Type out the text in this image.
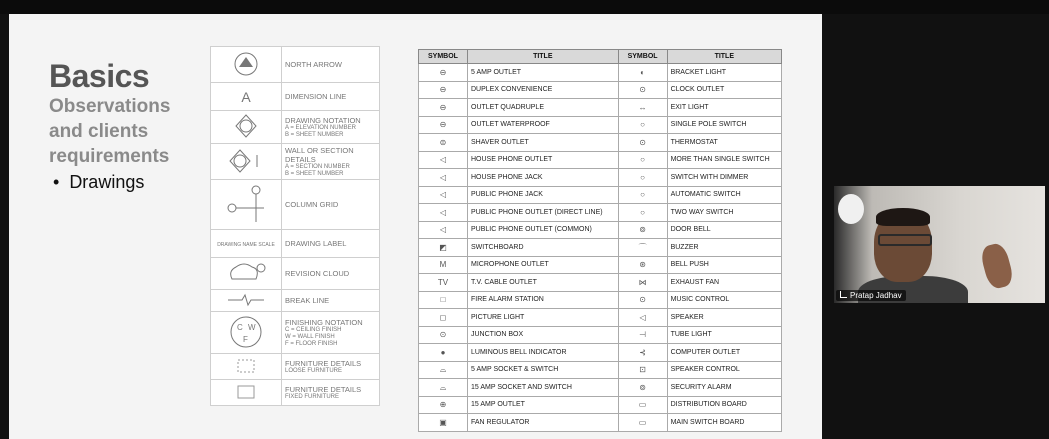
Basics
Observations and clients requirements
• Drawings
	NORTH ARROW
A	DIMENSION LINE
	DRAWING NOTATION
A = ELEVATION NUMBER
B = SHEET NUMBER

	WALL OR SECTION DETAILS
A = SECTION NUMBER
B = SHEET NUMBER

	COLUMN GRID
DRAWING NAME SCALE	DRAWING LABEL
	REVISION CLOUD
	BREAK LINE

C W
F	FINISHING NOTATION
C = CEILING FINISH
W = WALL FINISH
F = FLOOR FINISH

	FURNITURE DETAILS
LOOSE FURNITURE

	FURNITURE DETAILS
FIXED FURNITURE
SYMBOL	TITLE	SYMBOL	TITLE
⊖	5 AMP OUTLET	◐	BRACKET LIGHT
⊖	DUPLEX CONVENIENCE	⊙	CLOCK OUTLET
⊖	OUTLET QUADRUPLE	↔	EXIT LIGHT
⊖	OUTLET WATERPROOF	○	SINGLE POLE SWITCH
⊜	SHAVER OUTLET	⊙	THERMOSTAT
◁	HOUSE PHONE OUTLET	○	MORE THAN SINGLE SWITCH
◁	HOUSE PHONE JACK	○	SWITCH WITH DIMMER
◁	PUBLIC PHONE JACK	○	AUTOMATIC SWITCH
◁	PUBLIC PHONE OUTLET (DIRECT LINE)	○	TWO WAY SWITCH
◁	PUBLIC PHONE OUTLET (COMMON)	⊚	DOOR BELL
◩	SWITCHBOARD	⌒	BUZZER
M	MICROPHONE OUTLET	⊛	BELL PUSH
TV	T.V. CABLE OUTLET	⋈	EXHAUST FAN
□	FIRE ALARM STATION	⊙	MUSIC CONTROL
◻	PICTURE LIGHT	◁	SPEAKER
⊙	JUNCTION BOX	⊣	TUBE LIGHT
●	LUMINOUS BELL INDICATOR	⊰	COMPUTER OUTLET
⌓	5 AMP SOCKET & SWITCH	⊡	SPEAKER CONTROL
⌓	15 AMP SOCKET AND SWITCH	⊚	SECURITY ALARM
⊕	15 AMP OUTLET	▭	DISTRIBUTION BOARD
▣	FAN REGULATOR	▭	MAIN SWITCH BOARD
Pratap Jadhav
